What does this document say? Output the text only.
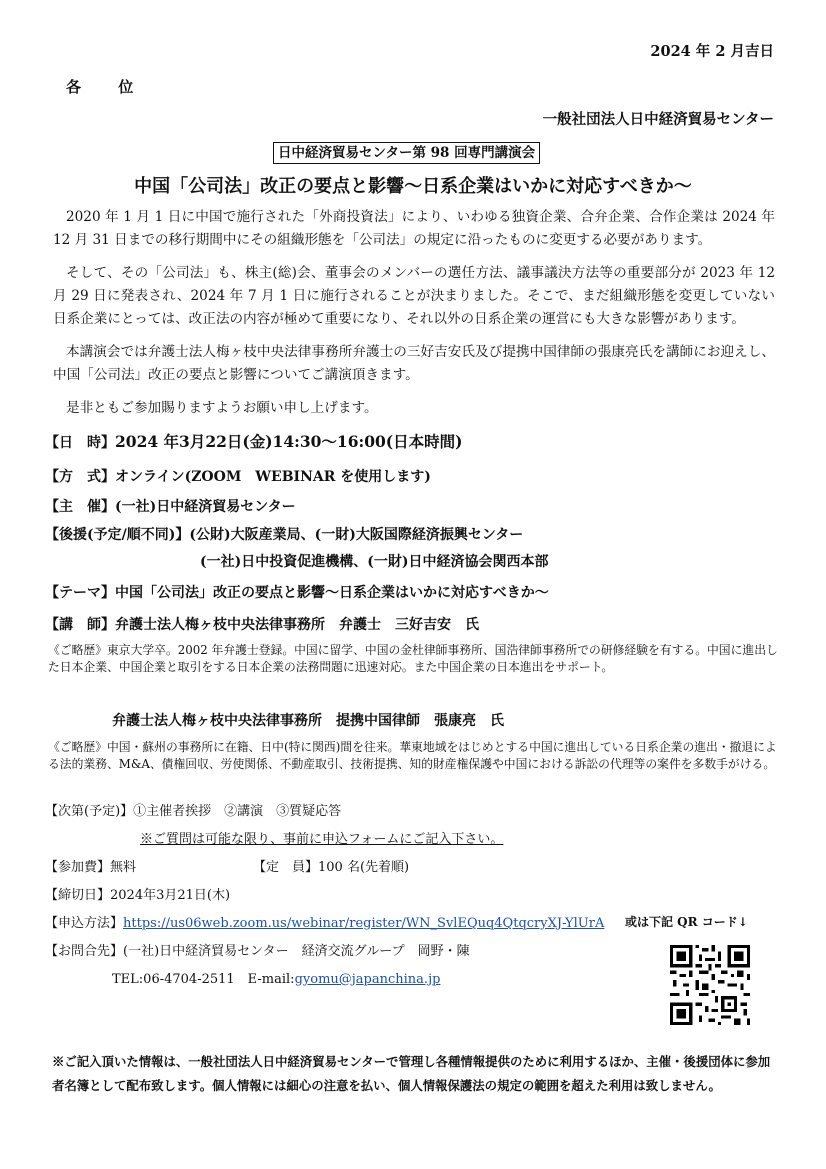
2024 年 2 月吉日
各 位
一般社団法人日中経済貿易センター
日中経済貿易センター第 98 回専門講演会
中国「公司法」改正の要点と影響～日系企業はいかに対応すべきか～
2020 年 1 月 1 日に中国で施行された「外商投資法」により、いわゆる独資企業、合弁企業、合作企業は 2024 年 12 月 31 日までの移行期間中にその組織形態を「公司法」の規定に沿ったものに変更する必要があります。
そして、その「公司法」も、株主(総)会、董事会のメンバーの選任方法、議事議決方法等の重要部分が 2023 年 12 月 29 日に発表され、2024 年 7 月 1 日に施行されることが決まりました。そこで、まだ組織形態を変更していない日系企業にとっては、改正法の内容が極めて重要になり、それ以外の日系企業の運営にも大きな影響があります。
本講演会では弁護士法人梅ヶ枝中央法律事務所弁護士の三好吉安氏及び提携中国律師の張康亮氏を講師にお迎えし、中国「公司法」改正の要点と影響についてご講演頂きます。
是非ともご参加賜りますようお願い申し上げます。
【日　時】2024 年3月22日(金)14:30～16:00(日本時間)
【方　式】オンライン(ZOOM　WEBINAR を使用します)
【主　催】(一社)日中経済貿易センター
【後援(予定/順不同)】(公財)大阪産業局、(一財)大阪国際経済振興センター
(一社)日中投資促進機構、(一財)日中経済協会関西本部
【テーマ】中国「公司法」改正の要点と影響～日系企業はいかに対応すべきか～
【講　師】弁護士法人梅ヶ枝中央法律事務所　弁護士　三好吉安　氏
《ご略歴》東京大学卒。2002 年弁護士登録。中国に留学、中国の金杜律師事務所、国浩律師事務所での研修経験を有する。中国に進出した日本企業、中国企業と取引をする日本企業の法務問題に迅速対応。また中国企業の日本進出をサポート。
弁護士法人梅ヶ枝中央法律事務所　提携中国律師　張康亮　氏
《ご略歴》中国・蘇州の事務所に在籍、日中(特に関西)間を往来。華東地域をはじめとする中国に進出している日系企業の進出・撤退による法的業務、M&A、債権回収、労使関係、不動産取引、技術提携、知的財産権保護や中国における訴訟の代理等の案件を多数手がける。
【次第(予定)】①主催者挨拶　②講演　③質疑応答
※ご質問は可能な限り、事前に申込フォームにご記入下さい。
【参加費】無料	【定　員】100 名(先着順)
【締切日】2024年3月21日(木)
【申込方法】https://us06web.zoom.us/webinar/register/WN_SvlEQuq4QtqcryXJ-YlUrA 或は下記 QR コード↓
【お問合先】(一社)日中経済貿易センター　経済交流グループ　岡野・陳
TEL:06-4704-2511　E-mail:gyomu@japanchina.jp
※ご記入頂いた情報は、一般社団法人日中経済貿易センターで管理し各種情報提供のために利用するほか、主催・後援団体に参加者名簿として配布致します。個人情報には細心の注意を払い、個人情報保護法の規定の範囲を超えた利用は致しません。
